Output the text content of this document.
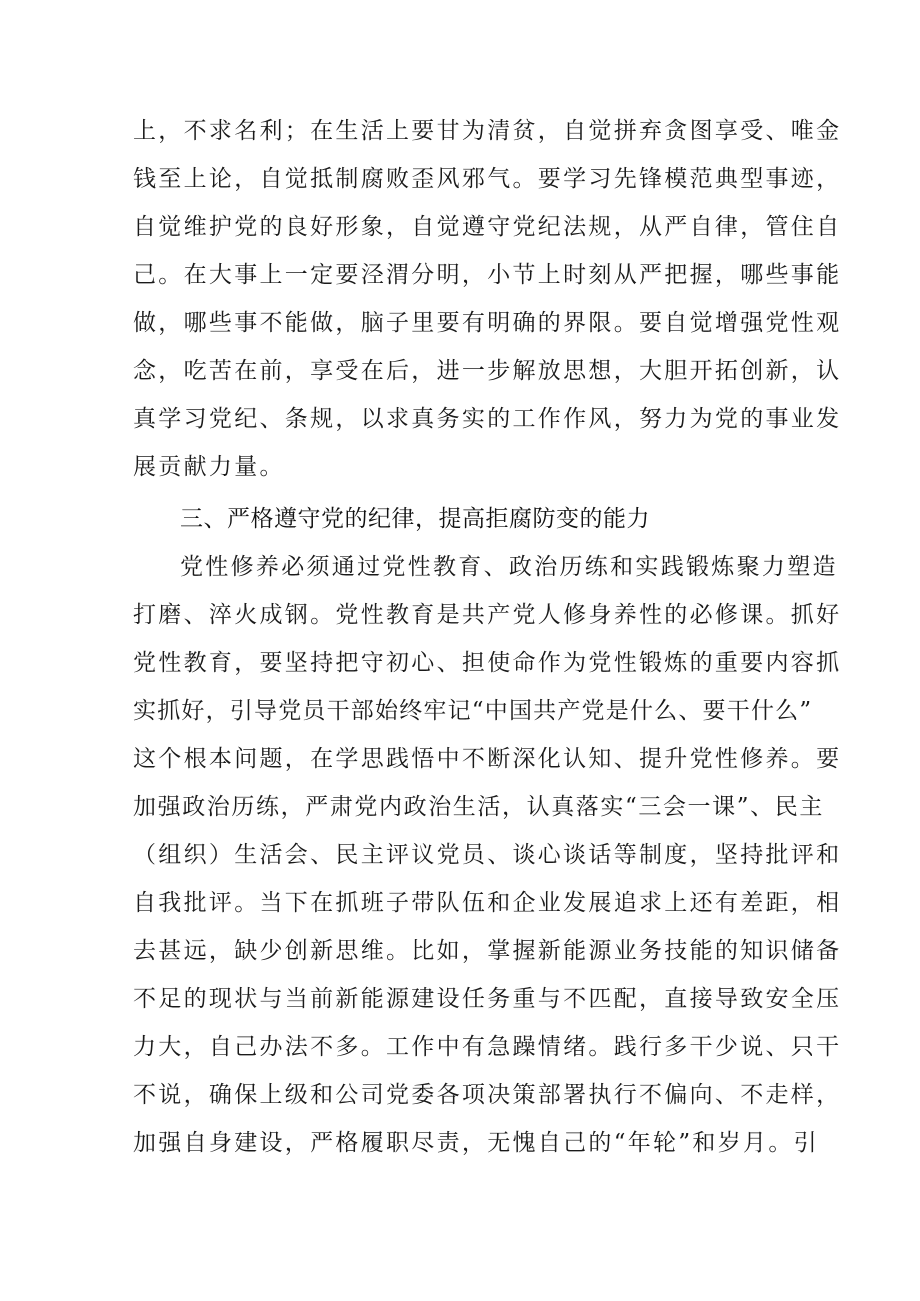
上，不求名利；在生活上要甘为清贫，自觉拼弃贪图享受、唯金
钱至上论，自觉抵制腐败歪风邪气。要学习先锋模范典型事迹，
自觉维护党的良好形象，自觉遵守党纪法规，从严自律，管住自
己。在大事上一定要泾渭分明，小节上时刻从严把握，哪些事能
做，哪些事不能做，脑子里要有明确的界限。要自觉增强党性观
念，吃苦在前，享受在后，进一步解放思想，大胆开拓创新，认
真学习党纪、条规，以求真务实的工作作风，努力为党的事业发
展贡献力量。
三、严格遵守党的纪律，提高拒腐防变的能力
党性修养必须通过党性教育、政治历练和实践锻炼聚力塑造
打磨、淬火成钢。党性教育是共产党人修身养性的必修课。抓好
党性教育，要坚持把守初心、担使命作为党性锻炼的重要内容抓
实抓好，引导党员干部始终牢记“中国共产党是什么、要干什么”
这个根本问题，在学思践悟中不断深化认知、提升党性修养。要
加强政治历练，严肃党内政治生活，认真落实“三会一课”、民主
（组织）生活会、民主评议党员、谈心谈话等制度，坚持批评和
自我批评。当下在抓班子带队伍和企业发展追求上还有差距，相
去甚远，缺少创新思维。比如，掌握新能源业务技能的知识储备
不足的现状与当前新能源建设任务重与不匹配，直接导致安全压
力大，自己办法不多。工作中有急躁情绪。践行多干少说、只干
不说，确保上级和公司党委各项决策部署执行不偏向、不走样，
加强自身建设，严格履职尽责，无愧自己的“年轮”和岁月。引
